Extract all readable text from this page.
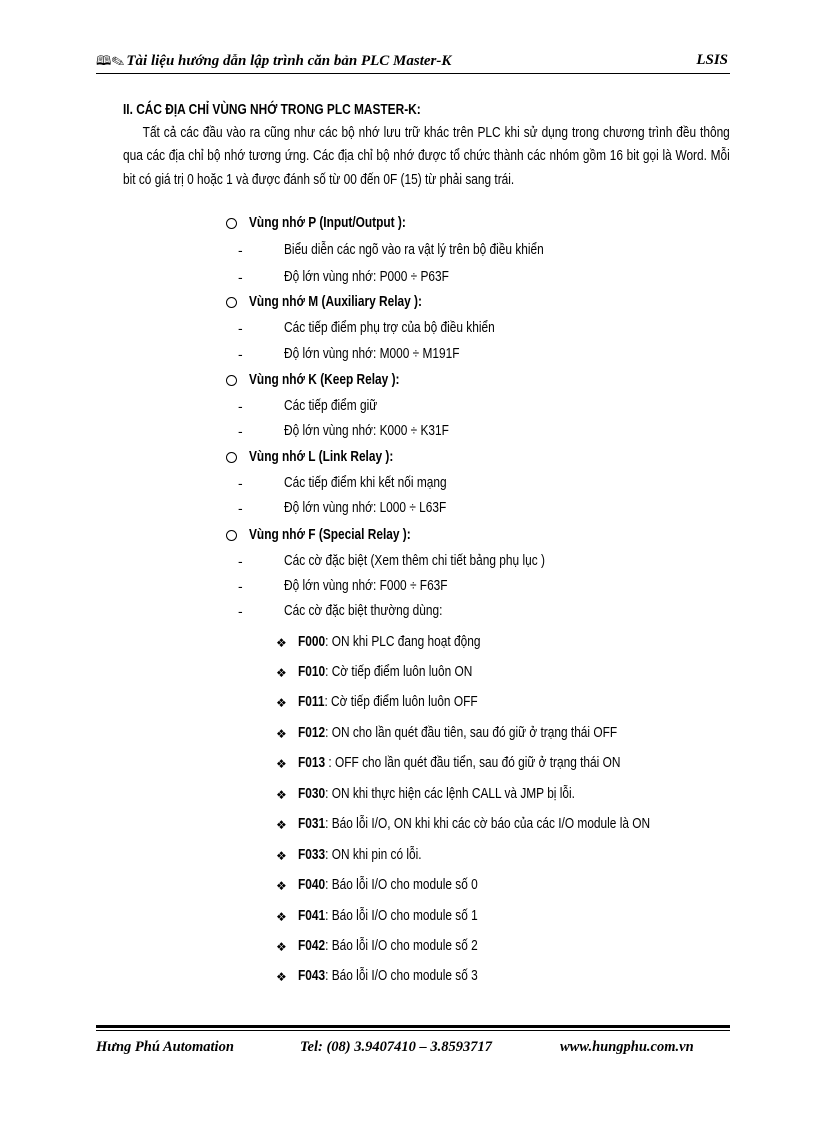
🕮✎ Tài liệu hướng dẫn lập trình căn bản PLC Master-K	LSIS
II. CÁC ĐỊA CHỈ VÙNG NHỚ TRONG PLC MASTER-K:
Tất cả các đầu vào ra cũng như các bộ nhớ lưu trữ khác trên PLC khi sử dụng trong chương trình đều thông qua các địa chỉ bộ nhớ tương ứng. Các địa chỉ bộ nhớ được tổ chức thành các nhóm gồm 16 bit gọi là Word. Mỗi bit có giá trị 0 hoặc 1 và được đánh số từ 00 đến 0F (15) từ phải sang trái.
Vùng nhớ P (Input/Output ):
-	Biểu diễn các ngõ vào ra vật lý trên bộ điều khiển
-	Độ lớn vùng nhớ: P000 ÷ P63F
Vùng nhớ M (Auxiliary Relay ):
-	Các tiếp điểm phụ trợ của bộ điều khiển
-	Độ lớn vùng nhớ: M000 ÷ M191F
Vùng nhớ K (Keep Relay ):
-	Các tiếp điểm giữ
-	Độ lớn vùng nhớ: K000 ÷ K31F
Vùng nhớ L (Link Relay ):
-	Các tiếp điểm khi kết nối mạng
-	Độ lớn vùng nhớ: L000 ÷ L63F
Vùng nhớ F (Special Relay ):
-	Các cờ đặc biệt (Xem thêm chi tiết bảng phụ lục )
-	Độ lớn vùng nhớ: F000 ÷ F63F
-	Các cờ đặc biệt thường dùng:
❖ F000: ON khi PLC đang hoạt động
❖ F010: Cờ tiếp điểm luôn luôn ON
❖ F011: Cờ tiếp điểm luôn luôn OFF
❖ F012: ON cho lần quét đầu tiên, sau đó giữ ở trạng thái OFF
❖ F013 : OFF cho lần quét đầu tiển, sau đó giữ ở trạng thái ON
❖ F030: ON khi thực hiện các lệnh CALL và JMP bị lỗi.
❖ F031: Báo lỗi I/O, ON khi khi các cờ báo của các I/O module là ON
❖ F033: ON khi pin có lỗi.
❖ F040: Báo lỗi I/O cho module số 0
❖ F041: Báo lỗi I/O cho module số 1
❖ F042: Báo lỗi I/O cho module số 2
❖ F043: Báo lỗi I/O cho module số 3
Hưng Phú Automation	Tel: (08) 3.9407410 – 3.8593717	www.hungphu.com.vn
